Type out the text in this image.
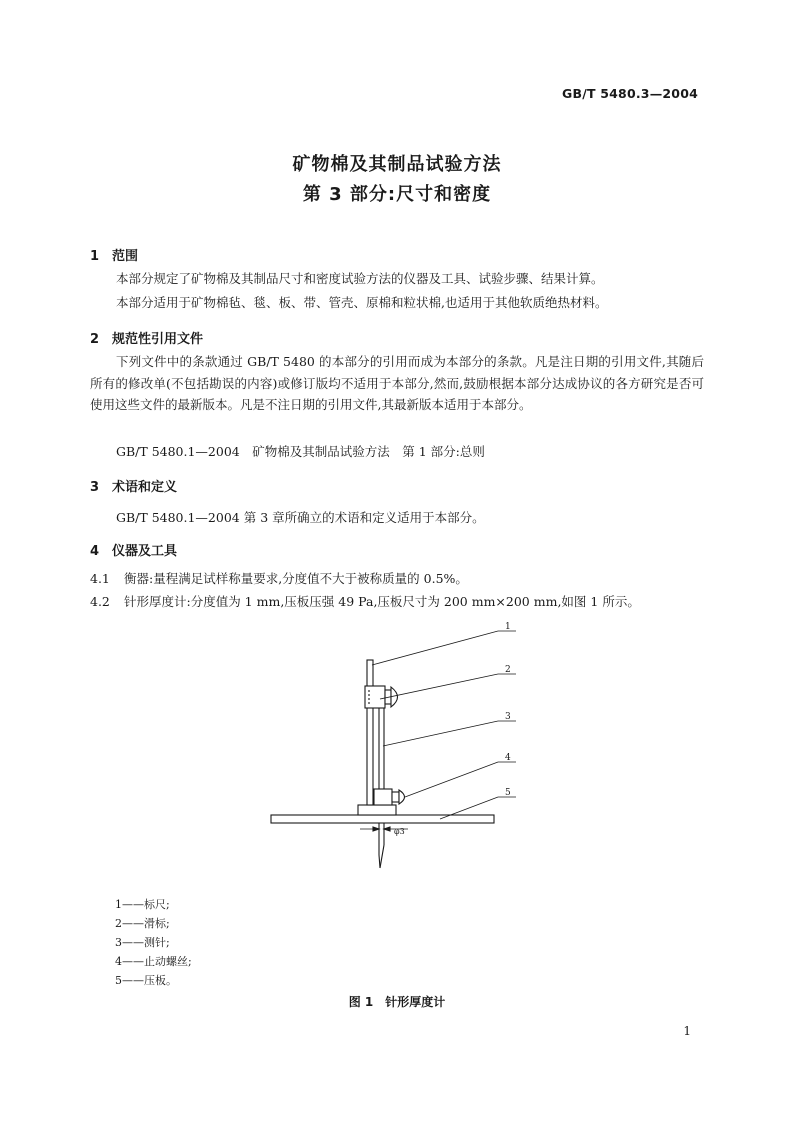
GB/T 5480.3—2004
矿物棉及其制品试验方法
第 3 部分:尺寸和密度
1 范围
本部分规定了矿物棉及其制品尺寸和密度试验方法的仪器及工具、试验步骤、结果计算。
本部分适用于矿物棉毡、毯、板、带、管壳、原棉和粒状棉,也适用于其他软质绝热材料。
2 规范性引用文件
下列文件中的条款通过 GB/T 5480 的本部分的引用而成为本部分的条款。凡是注日期的引用文件,其随后所有的修改单(不包括勘误的内容)或修订版均不适用于本部分,然而,鼓励根据本部分达成协议的各方研究是否可使用这些文件的最新版本。凡是不注日期的引用文件,其最新版本适用于本部分。
GB/T 5480.1—2004　矿物棉及其制品试验方法　第 1 部分:总则
3 术语和定义
GB/T 5480.1—2004 第 3 章所确立的术语和定义适用于本部分。
4 仪器及工具
4.1 衡器:量程满足试样称量要求,分度值不大于被称质量的 0.5%。
4.2 针形厚度计:分度值为 1 mm,压板压强 49 Pa,压板尺寸为 200 mm×200 mm,如图 1 所示。
1
2
3
4
5
φ3
1——标尺;
2——滑标;
3——测针;
4——止动螺丝;
5——压板。
图 1　针形厚度计
1
